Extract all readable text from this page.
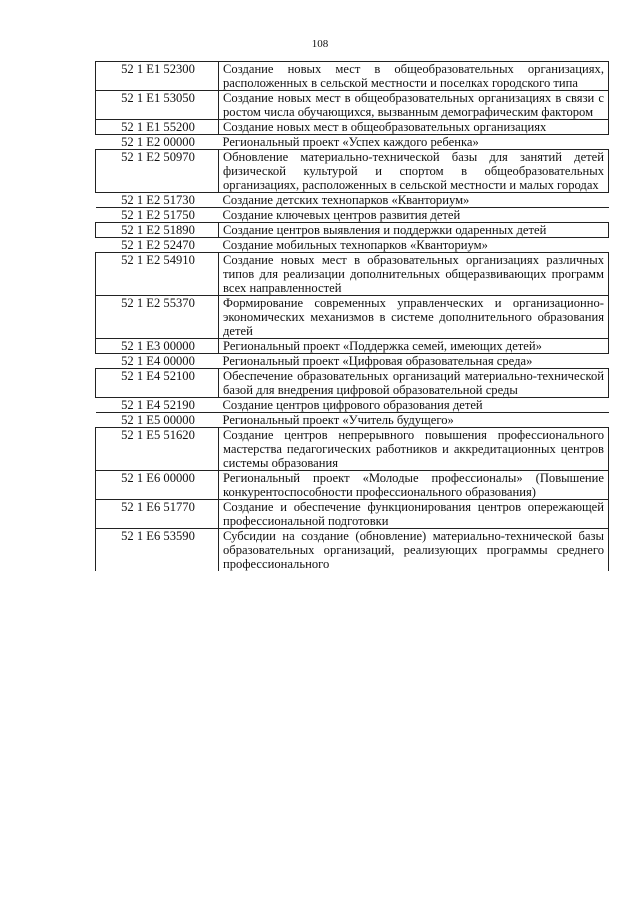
108
52 1 E1 52300	Создание новых мест в общеобразовательных организациях, расположенных в сельской местности и поселках городского типа
52 1 E1 53050	Создание новых мест в общеобразовательных организациях в связи с ростом числа обучающихся, вызванным демографическим фактором
52 1 E1 55200	Создание новых мест в общеобразовательных организациях
52 1 E2 00000	Региональный проект «Успех каждого ребенка»
52 1 E2 50970	Обновление материально-технической базы для занятий детей физической культурой и спортом в общеобразовательных организациях, расположенных в сельской местности и малых городах
52 1 E2 51730	Создание детских технопарков «Кванториум»
52 1 E2 51750	Создание ключевых центров развития детей
52 1 E2 51890	Создание центров выявления и поддержки одаренных детей
52 1 E2 52470	Создание мобильных технопарков «Кванториум»
52 1 E2 54910	Создание новых мест в образовательных организациях различных типов для реализации дополнительных общеразвивающих программ всех направленностей
52 1 E2 55370	Формирование современных управленческих и организационно-экономических механизмов в системе дополнительного образования детей
52 1 E3 00000	Региональный проект «Поддержка семей, имеющих детей»
52 1 E4 00000	Региональный проект «Цифровая образовательная среда»
52 1 E4 52100	Обеспечение образовательных организаций материально-технической базой для внедрения цифровой образовательной среды
52 1 E4 52190	Создание центров цифрового образования детей
52 1 E5 00000	Региональный проект «Учитель будущего»
52 1 E5 51620	Создание центров непрерывного повышения профессионального мастерства педагогических работников и аккредитационных центров системы образования
52 1 E6 00000	Региональный проект «Молодые профессионалы» (Повышение конкурентоспособности профессионального образования)
52 1 E6 51770	Создание и обеспечение функционирования центров опережающей профессиональной подготовки
52 1 E6 53590	Субсидии на создание (обновление) материально-технической базы образовательных организаций, реализующих программы среднего профессионального
